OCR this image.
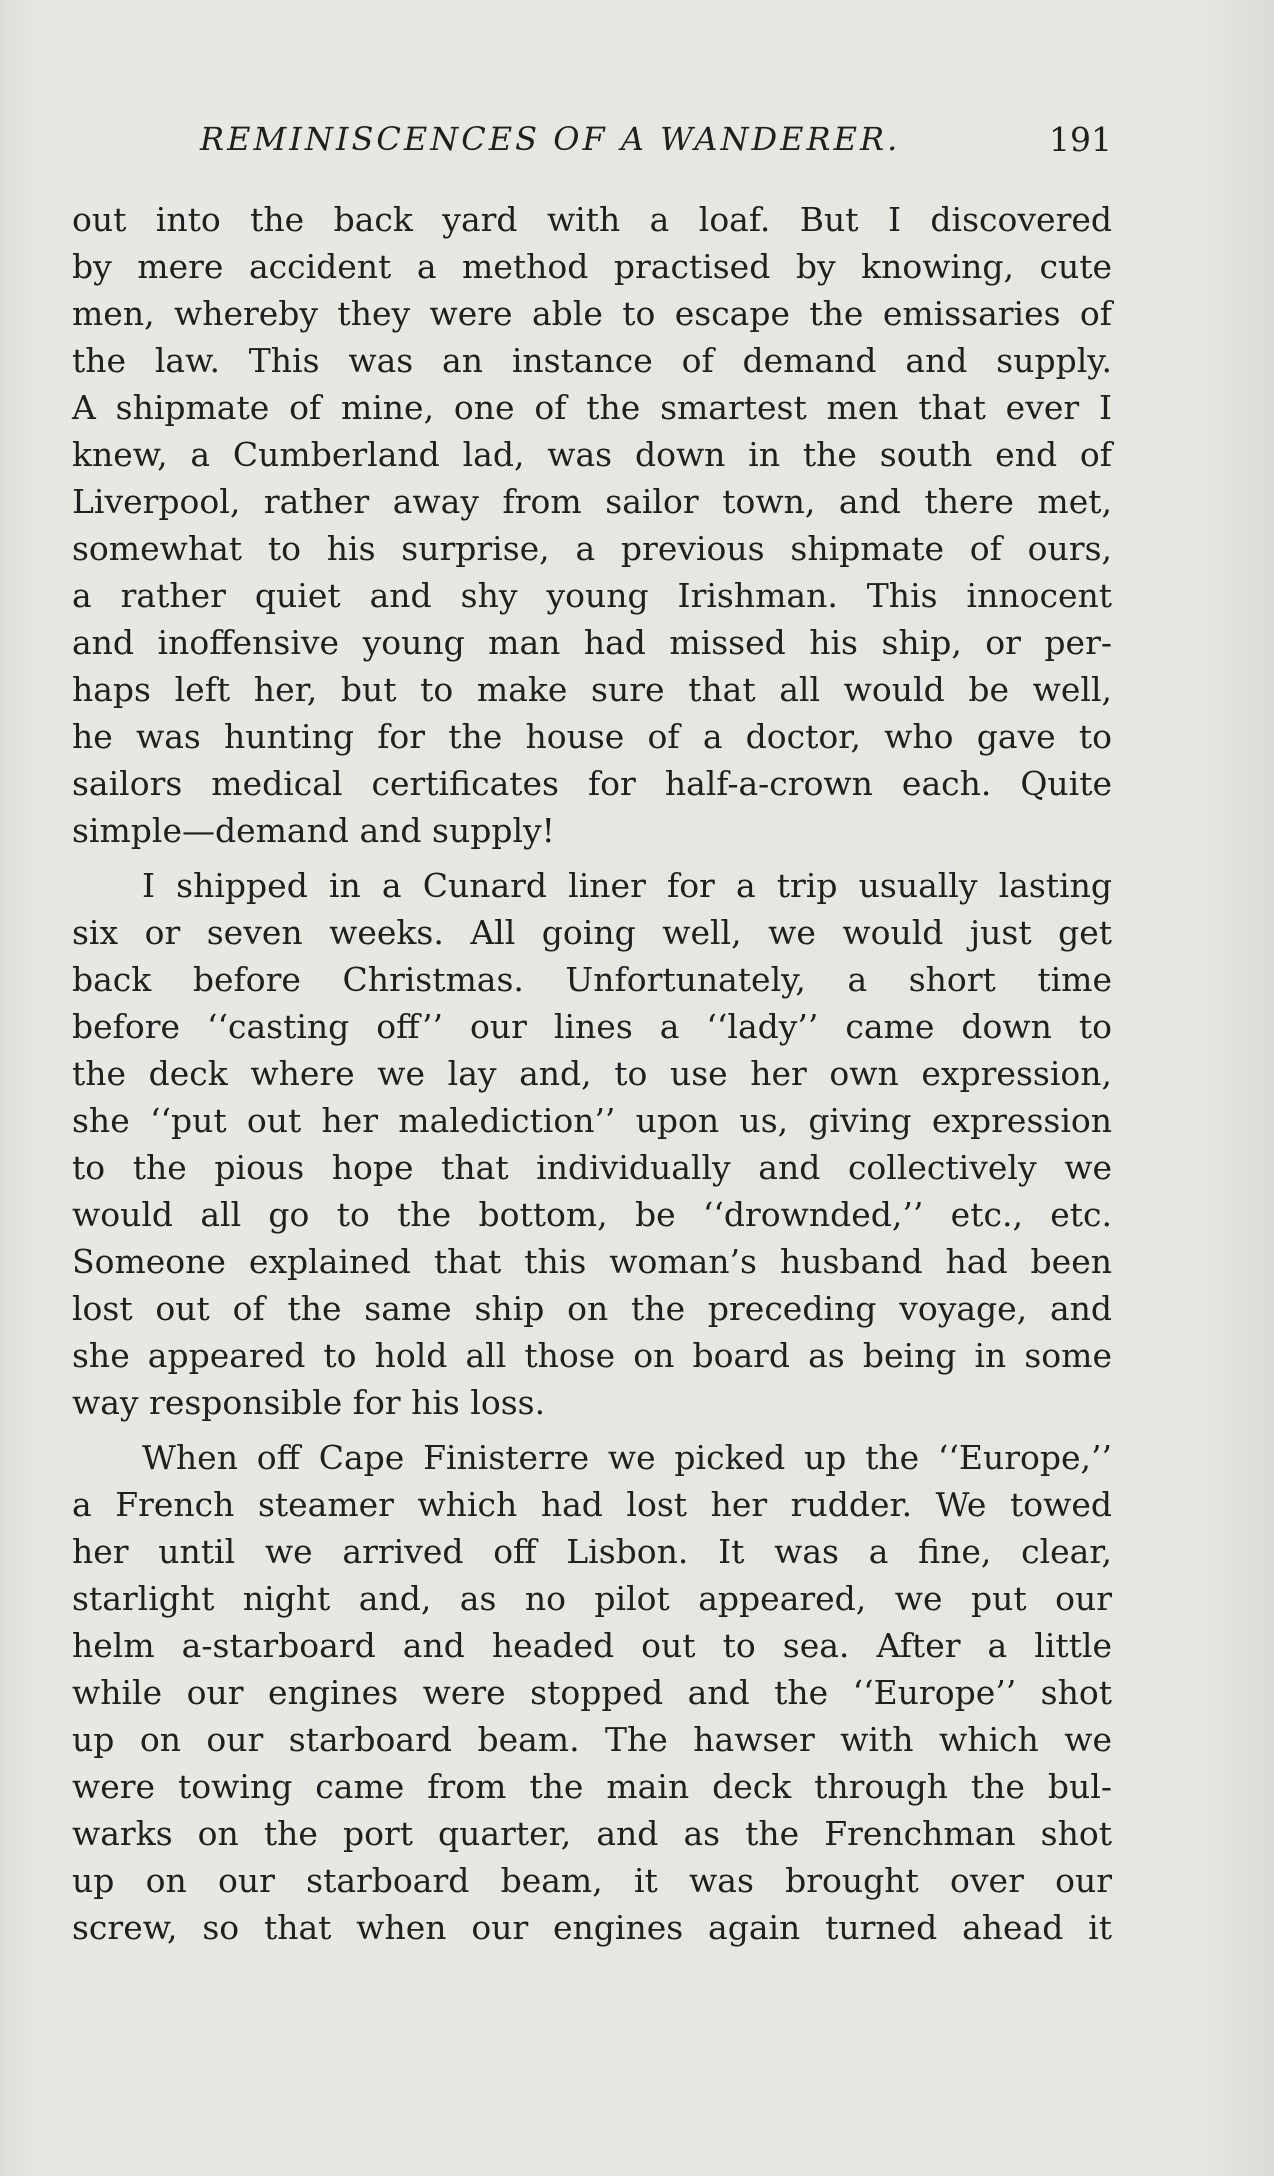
REMINISCENCES OF A WANDERER.	191
out into the back yard with a loaf. But I discovered
by mere accident a method practised by knowing, cute
men, whereby they were able to escape the emissaries of
the law. This was an instance of demand and supply.
A shipmate of mine, one of the smartest men that ever I
knew, a Cumberland lad, was down in the south end of
Liverpool, rather away from sailor town, and there met,
somewhat to his surprise, a previous shipmate of ours,
a rather quiet and shy young Irishman. This innocent
and inoffensive young man had missed his ship, or per-
haps left her, but to make sure that all would be well,
he was hunting for the house of a doctor, who gave to
sailors medical certificates for half-a-crown each. Quite
simple—demand and supply!
I shipped in a Cunard liner for a trip usually lasting
six or seven weeks. All going well, we would just get
back before Christmas. Unfortunately, a short time
before ‘‘casting off’’ our lines a ‘‘lady’’ came down to
the deck where we lay and, to use her own expression,
she ‘‘put out her malediction’’ upon us, giving expression
to the pious hope that individually and collectively we
would all go to the bottom, be ‘‘drownded,’’ etc., etc.
Someone explained that this woman’s husband had been
lost out of the same ship on the preceding voyage, and
she appeared to hold all those on board as being in some
way responsible for his loss.
When off Cape Finisterre we picked up the ‘‘Europe,’’
a French steamer which had lost her rudder. We towed
her until we arrived off Lisbon. It was a fine, clear,
starlight night and, as no pilot appeared, we put our
helm a-starboard and headed out to sea. After a little
while our engines were stopped and the ‘‘Europe’’ shot
up on our starboard beam. The hawser with which we
were towing came from the main deck through the bul-
warks on the port quarter, and as the Frenchman shot
up on our starboard beam, it was brought over our
screw, so that when our engines again turned ahead it
